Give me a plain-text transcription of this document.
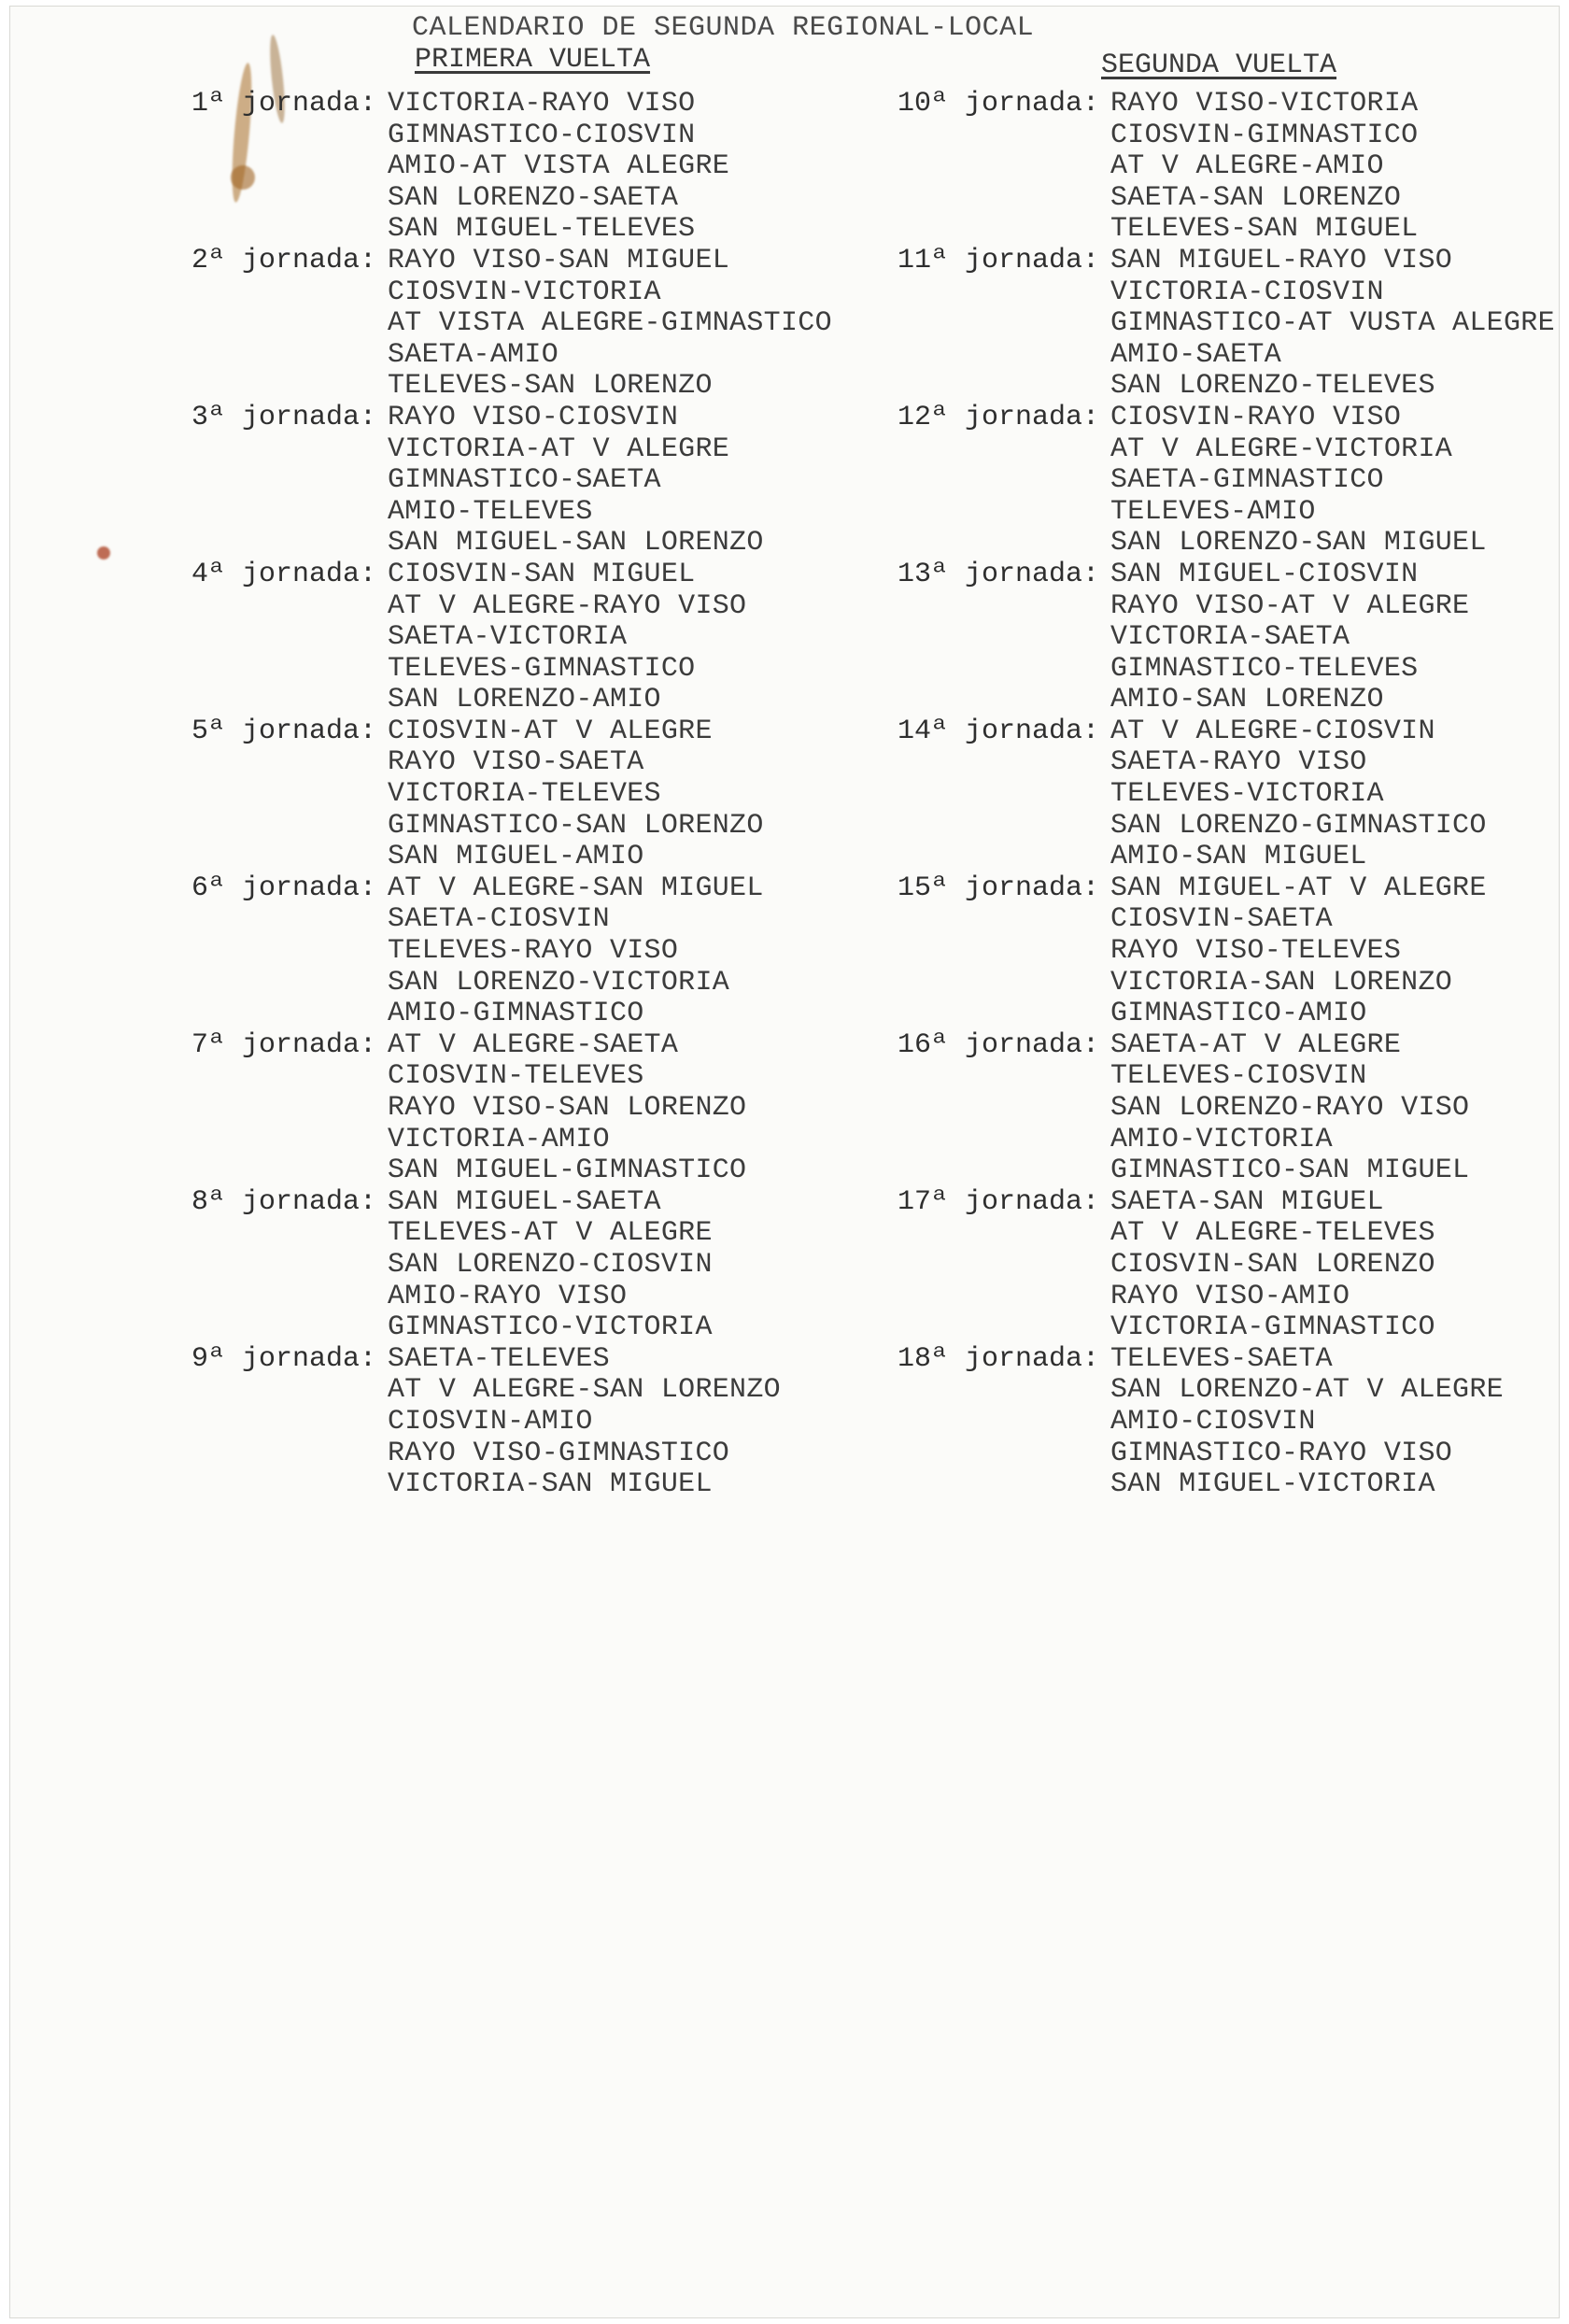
CALENDARIO DE SEGUNDA REGIONAL-LOCAL
PRIMERA VUELTA	SEGUNDA VUELTA
1ª jornada: VICTORIA-RAYO VISO
GIMNASTICO-CIOSVIN
AMIO-AT VISTA ALEGRE
SAN LORENZO-SAETA
SAN MIGUEL-TELEVES
2ª jornada: RAYO VISO-SAN MIGUEL
CIOSVIN-VICTORIA
AT VISTA ALEGRE-GIMNASTICO
SAETA-AMIO
TELEVES-SAN LORENZO
3ª jornada: RAYO VISO-CIOSVIN
VICTORIA-AT V ALEGRE
GIMNASTICO-SAETA
AMIO-TELEVES
SAN MIGUEL-SAN LORENZO
4ª jornada: CIOSVIN-SAN MIGUEL
AT V ALEGRE-RAYO VISO
SAETA-VICTORIA
TELEVES-GIMNASTICO
SAN LORENZO-AMIO
5ª jornada: CIOSVIN-AT V ALEGRE
RAYO VISO-SAETA
VICTORIA-TELEVES
GIMNASTICO-SAN LORENZO
SAN MIGUEL-AMIO
6ª jornada: AT V ALEGRE-SAN MIGUEL
SAETA-CIOSVIN
TELEVES-RAYO VISO
SAN LORENZO-VICTORIA
AMIO-GIMNASTICO
7ª jornada: AT V ALEGRE-SAETA
CIOSVIN-TELEVES
RAYO VISO-SAN LORENZO
VICTORIA-AMIO
SAN MIGUEL-GIMNASTICO
8ª jornada: SAN MIGUEL-SAETA
TELEVES-AT V ALEGRE
SAN LORENZO-CIOSVIN
AMIO-RAYO VISO
GIMNASTICO-VICTORIA
9ª jornada: SAETA-TELEVES
AT V ALEGRE-SAN LORENZO
CIOSVIN-AMIO
RAYO VISO-GIMNASTICO
VICTORIA-SAN MIGUEL
10ª jornada: RAYO VISO-VICTORIA
CIOSVIN-GIMNASTICO
AT V ALEGRE-AMIO
SAETA-SAN LORENZO
TELEVES-SAN MIGUEL
11ª jornada: SAN MIGUEL-RAYO VISO
VICTORIA-CIOSVIN
GIMNASTICO-AT VUSTA ALEGRE
AMIO-SAETA
SAN LORENZO-TELEVES
12ª jornada: CIOSVIN-RAYO VISO
AT V ALEGRE-VICTORIA
SAETA-GIMNASTICO
TELEVES-AMIO
SAN LORENZO-SAN MIGUEL
13ª jornada: SAN MIGUEL-CIOSVIN
RAYO VISO-AT V ALEGRE
VICTORIA-SAETA
GIMNASTICO-TELEVES
AMIO-SAN LORENZO
14ª jornada: AT V ALEGRE-CIOSVIN
SAETA-RAYO VISO
TELEVES-VICTORIA
SAN LORENZO-GIMNASTICO
AMIO-SAN MIGUEL
15ª jornada: SAN MIGUEL-AT V ALEGRE
CIOSVIN-SAETA
RAYO VISO-TELEVES
VICTORIA-SAN LORENZO
GIMNASTICO-AMIO
16ª jornada: SAETA-AT V ALEGRE
TELEVES-CIOSVIN
SAN LORENZO-RAYO VISO
AMIO-VICTORIA
GIMNASTICO-SAN MIGUEL
17ª jornada: SAETA-SAN MIGUEL
AT V ALEGRE-TELEVES
CIOSVIN-SAN LORENZO
RAYO VISO-AMIO
VICTORIA-GIMNASTICO
18ª jornada: TELEVES-SAETA
SAN LORENZO-AT V ALEGRE
AMIO-CIOSVIN
GIMNASTICO-RAYO VISO
SAN MIGUEL-VICTORIA
